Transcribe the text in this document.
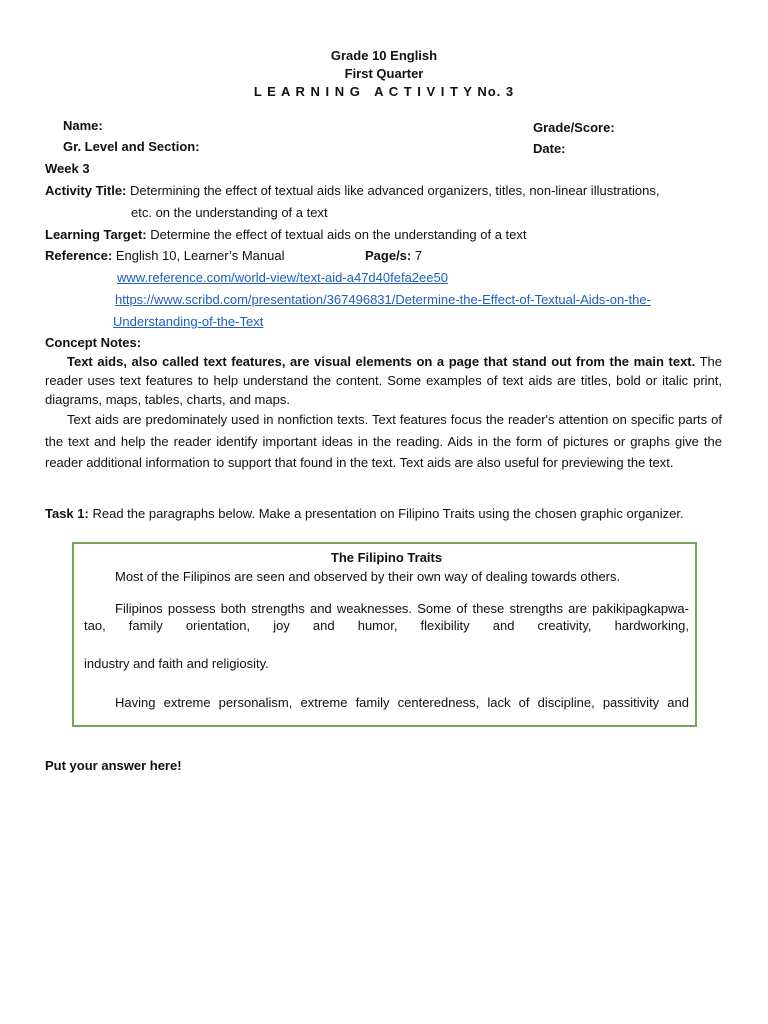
Grade 10 English
First Quarter
L E A R N I N G   A C T I V I T Y No. 3
Name:	Grade/Score:
Gr. Level and Section:	Date:
Week 3
Activity Title: Determining the effect of textual aids like advanced organizers, titles, non-linear illustrations,
etc. on the understanding of a text
Learning Target: Determine the effect of textual aids on the understanding of a text
Reference: English 10, Learner’s Manual	Page/s: 7
www.reference.com/world-view/text-aid-a47d40fefa2ee50
https://www.scribd.com/presentation/367496831/Determine-the-Effect-of-Textual-Aids-on-the-
Understanding-of-the-Text
Concept Notes:
Text aids, also called text features, are visual elements on a page that stand out from the main text. The reader uses text features to help understand the content. Some examples of text aids are titles, bold or italic print, diagrams, maps, tables, charts, and maps.
Text aids are predominately used in nonfiction texts. Text features focus the reader's attention on specific parts of the text and help the reader identify important ideas in the reading. Aids in the form of pictures or graphs give the reader additional information to support that found in the text. Text aids are also useful for previewing the text.
Task 1: Read the paragraphs below. Make a presentation on Filipino Traits using the chosen graphic organizer.
The Filipino Traits
Most of the Filipinos are seen and observed by their own way of dealing towards others.
Filipinos possess both strengths and weaknesses. Some of these strengths are pakikipagkapwa-tao, family orientation, joy and humor, flexibility and creativity, hardworking,
industry and faith and religiosity.
Having extreme personalism, extreme family centeredness, lack of discipline, passitivity and
Put your answer here!
